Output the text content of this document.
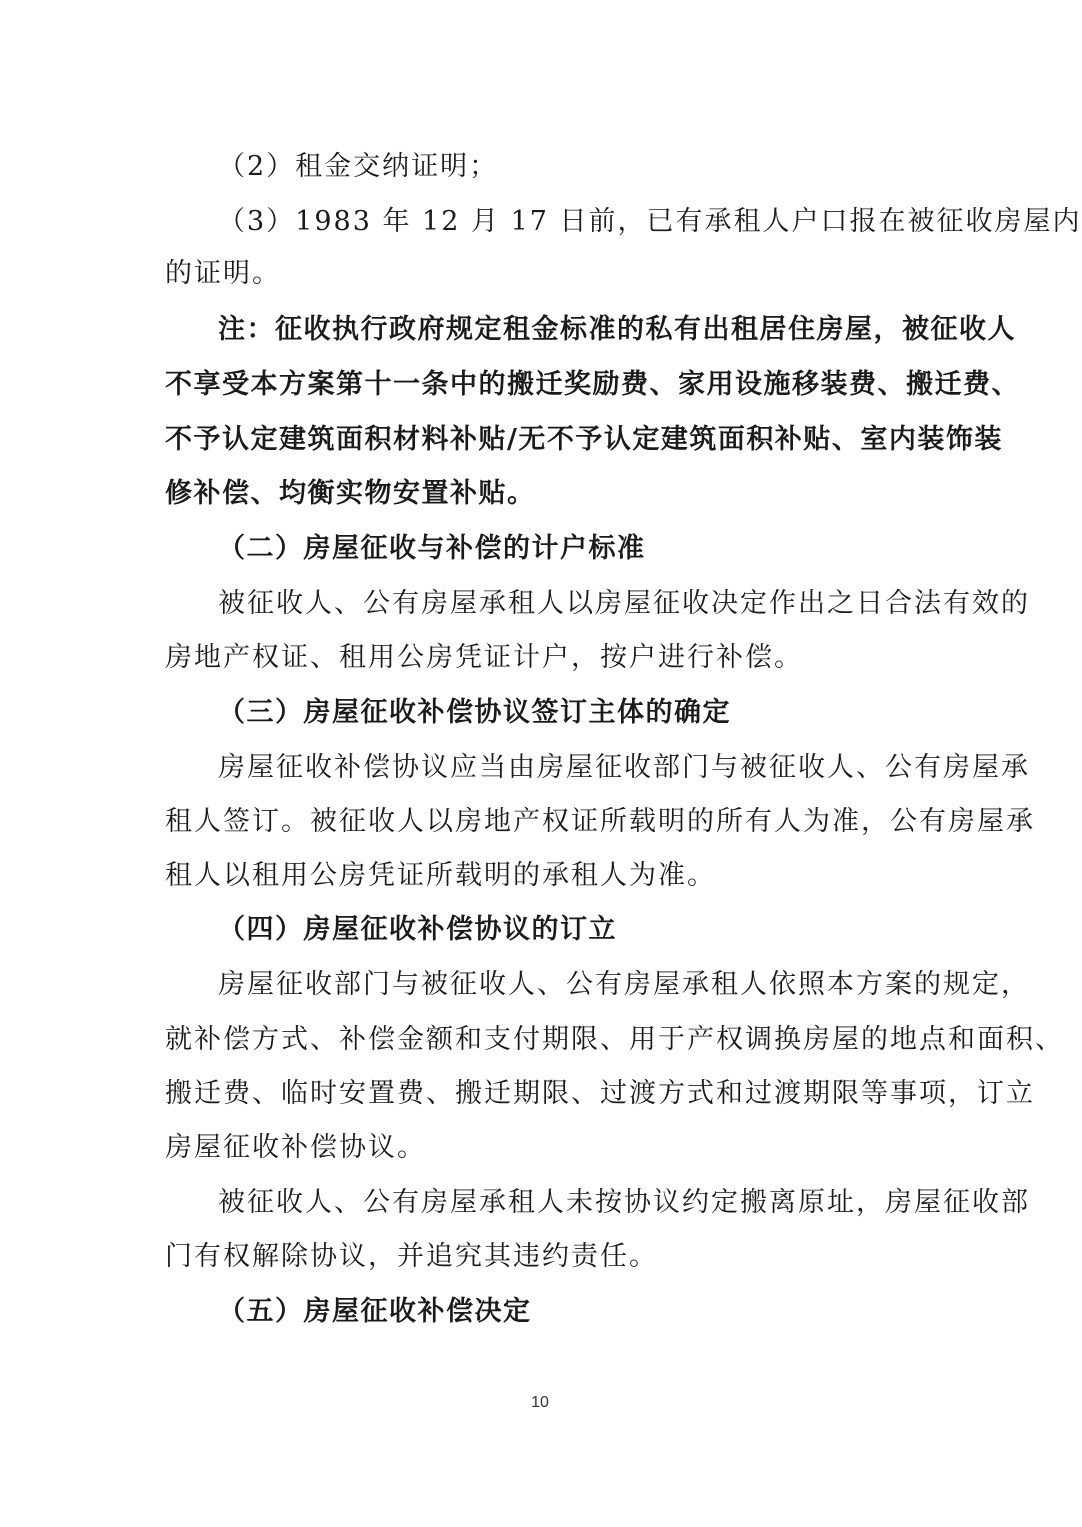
（2）租金交纳证明；
（3）1983 年 12 月 17 日前，已有承租人户口报在被征收房屋内
的证明。
注：征收执行政府规定租金标准的私有出租居住房屋，被征收人
不享受本方案第十一条中的搬迁奖励费、家用设施移装费、搬迁费、
不予认定建筑面积材料补贴/无不予认定建筑面积补贴、室内装饰装
修补偿、均衡实物安置补贴。
（二）房屋征收与补偿的计户标准
被征收人、公有房屋承租人以房屋征收决定作出之日合法有效的
房地产权证、租用公房凭证计户，按户进行补偿。
（三）房屋征收补偿协议签订主体的确定
房屋征收补偿协议应当由房屋征收部门与被征收人、公有房屋承
租人签订。被征收人以房地产权证所载明的所有人为准，公有房屋承
租人以租用公房凭证所载明的承租人为准。
（四）房屋征收补偿协议的订立
房屋征收部门与被征收人、公有房屋承租人依照本方案的规定，
就补偿方式、补偿金额和支付期限、用于产权调换房屋的地点和面积、
搬迁费、临时安置费、搬迁期限、过渡方式和过渡期限等事项，订立
房屋征收补偿协议。
被征收人、公有房屋承租人未按协议约定搬离原址，房屋征收部
门有权解除协议，并追究其违约责任。
（五）房屋征收补偿决定
10
